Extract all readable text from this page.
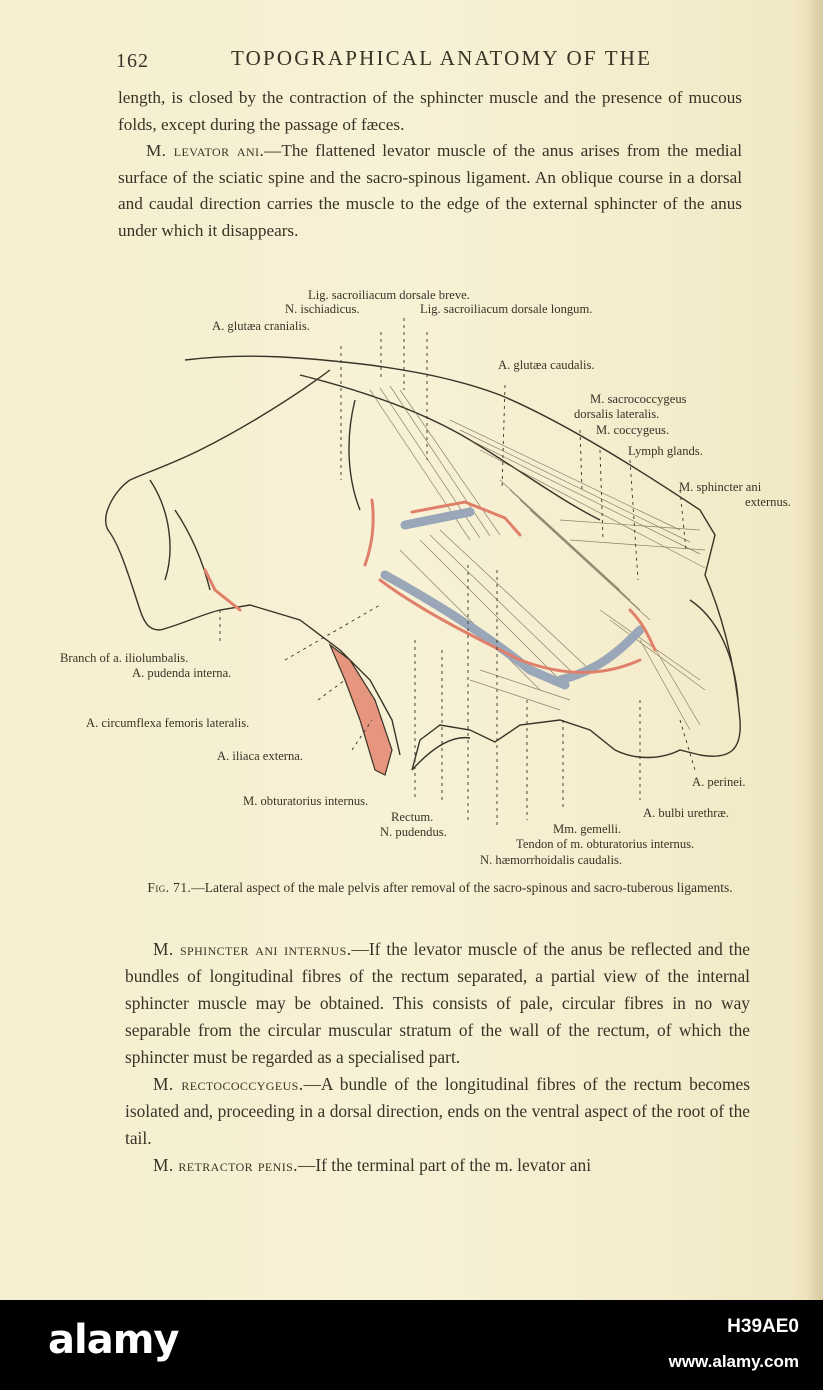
162	TOPOGRAPHICAL ANATOMY OF THE

length, is closed by the contraction of the sphincter muscle and the presence of mucous folds, except during the passage of fæces.

M. levator ani.—The flattened levator muscle of the anus arises from the medial surface of the sciatic spine and the sacro-spinous ligament. An oblique course in a dorsal and caudal direction carries the muscle to the edge of the external sphincter of the anus under which it disappears.

Lig. sacroiliacum dorsale breve.
N. ischiadicus.	Lig. sacroiliacum dorsale longum.
A. glutæa cranialis.
A. glutæa caudalis.
M. sacrococcygeus
dorsalis lateralis.
M. coccygeus.
Lymph glands.
M. sphincter ani
externus.
Branch of a. iliolumbalis.
A. pudenda interna.
A. circumflexa femoris lateralis.
A. iliaca externa.
A. perinei.
M. obturatorius internus.
A. bulbi urethræ.
Rectum.
Mm. gemelli.
N. pudendus.
Tendon of m. obturatorius internus.
N. hæmorrhoidalis caudalis.
Fig. 71.—Lateral aspect of the male pelvis after removal of the sacro-spinous and sacro-tuberous ligaments.

M. sphincter ani internus.—If the levator muscle of the anus be reflected and the bundles of longitudinal fibres of the rectum separated, a partial view of the internal sphincter muscle may be obtained. This consists of pale, circular fibres in no way separable from the circular muscular stratum of the wall of the rectum, of which the sphincter must be regarded as a specialised part.

M. rectococcygeus.—A bundle of the longitudinal fibres of the rectum becomes isolated and, proceeding in a dorsal direction, ends on the ventral aspect of the root of the tail.

M. retractor penis.—If the terminal part of the m. levator ani

alamy	H39AE0
www.alamy.com
